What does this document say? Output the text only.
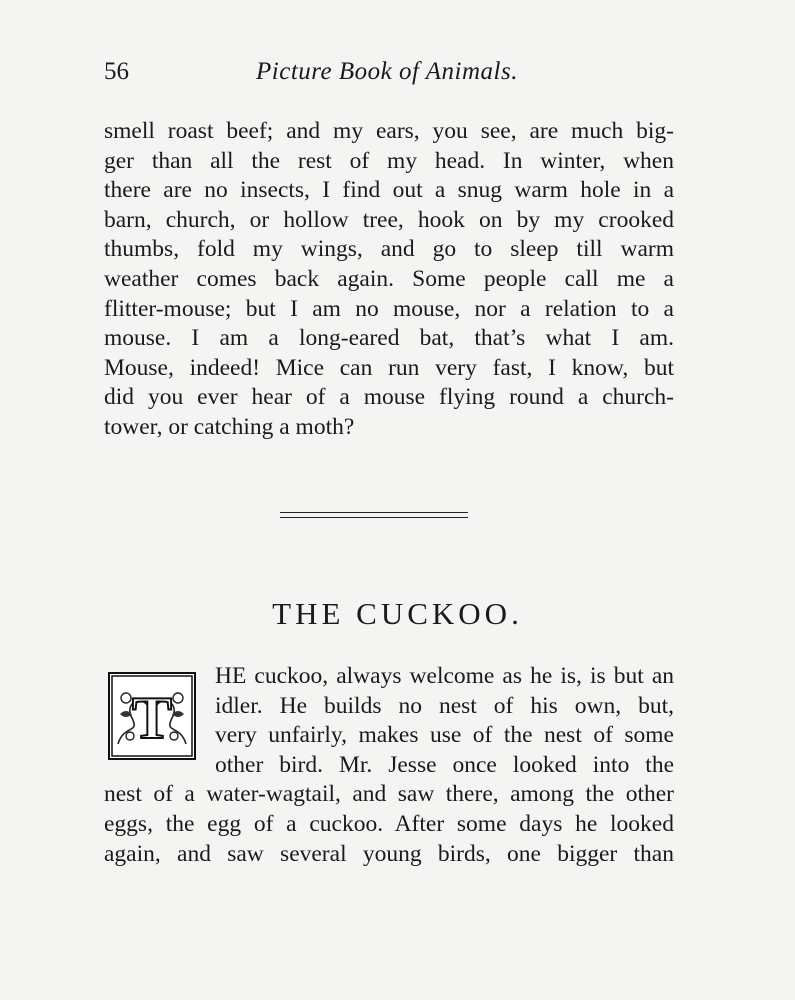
56	Picture Book of Animals.

smell roast beef; and my ears, you see, are much big-
ger than all the rest of my head. In winter, when
there are no insects, I find out a snug warm hole in a
barn, church, or hollow tree, hook on by my crooked
thumbs, fold my wings, and go to sleep till warm
weather comes back again. Some people call me a
flitter-mouse; but I am no mouse, nor a relation to a
mouse. I am a long-eared bat, that’s what I am.
Mouse, indeed! Mice can run very fast, I know, but
did you ever hear of a mouse flying round a church-
tower, or catching a moth?

THE CUCKOO.
T

HE cuckoo, always welcome as he is, is but an
idler. He builds no nest of his own, but,
very unfairly, makes use of the nest of some
other bird. Mr. Jesse once looked into the
nest of a water-wagtail, and saw there, among the other
eggs, the egg of a cuckoo. After some days he looked
again, and saw several young birds, one bigger than
